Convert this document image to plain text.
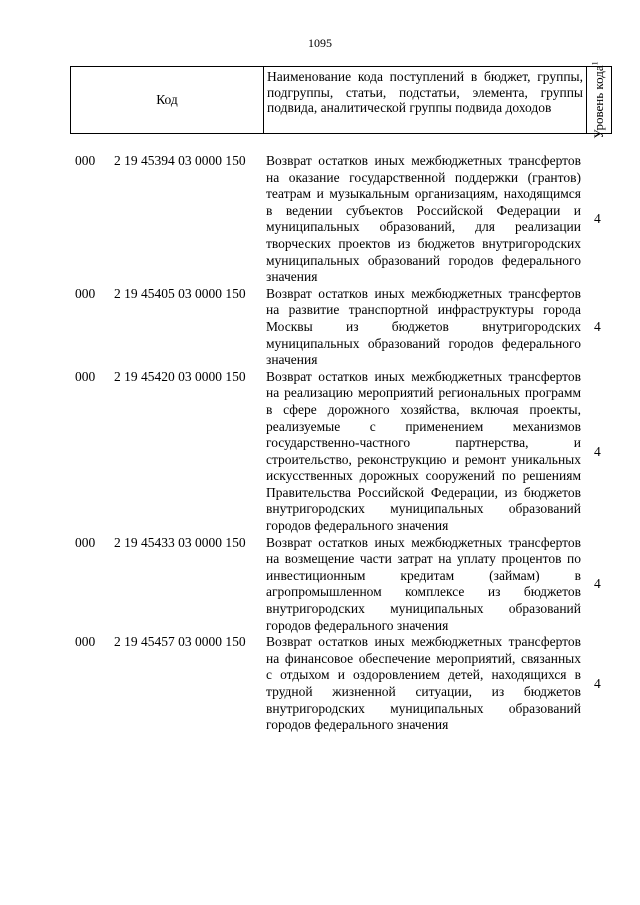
1095
Код
Наименование кода поступлений в бюджет, группы, подгруппы, статьи, подстатьи, элемента, группы подвида, аналитической группы подвида доходов	Уровень кода$^1$
000 2 19 45394 03 0000 150 Возврат остатков иных межбюджетных трансфертов на оказание государственной поддержки (грантов) театрам и музыкальным организациям, находящимся в ведении субъектов Российской Федерации и муниципальных образований, для реализации творческих проектов из бюджетов внутригородских муниципальных образований городов федерального значения
4
000 2 19 45405 03 0000 150 Возврат остатков иных межбюджетных трансфертов на развитие транспортной инфраструктуры города Москвы из бюджетов внутригородских муниципальных образований городов федерального значения
4
000 2 19 45420 03 0000 150 Возврат остатков иных межбюджетных трансфертов на реализацию мероприятий региональных программ в сфере дорожного хозяйства, включая проекты, реализуемые с применением механизмов государственно-частного партнерства, и строительство, реконструкцию и ремонт уникальных искусственных дорожных сооружений по решениям Правительства Российской Федерации, из бюджетов внутригородских муниципальных образований городов федерального значения
4
000 2 19 45433 03 0000 150 Возврат остатков иных межбюджетных трансфертов на возмещение части затрат на уплату процентов по инвестиционным кредитам (займам) в агропромышленном комплексе из бюджетов внутригородских муниципальных образований городов федерального значения
4
000 2 19 45457 03 0000 150 Возврат остатков иных межбюджетных трансфертов на финансовое обеспечение мероприятий, связанных с отдыхом и оздоровлением детей, находящихся в трудной жизненной ситуации, из бюджетов внутригородских муниципальных образований городов федерального значения
4
